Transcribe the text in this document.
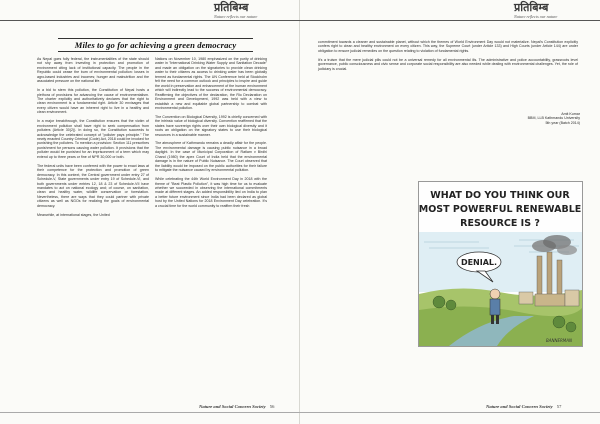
प्रतिबिम्ब
Nature reflects our nature
Miles to go for achieving a green democracy

As Nepal goes fully federal, the instrumentalities of the state should not shy away from investing in protection and promotion of environment citing lack of institutional capacity. The people in the Republic could cease the burn of environmental pollution: losses in agro-based industries and incomes; hunger and malnutrition and the associated pressure on the national life.

In a bid to stem this pollution, the Constitution of Nepal hosts a plethora of provisions for advancing the cause of environmentalism. The charter explicitly and authoritatively declares that the right to clean environment is a fundamental right. Article 30 envisages that every citizen would have an inherent right to live in a healthy and clean environment.

In a major breakthrough, the Constitution ensures that the victim of environment pollution shall have right to seek compensation from polluters (Article 30(2)). In doing so, the Constitution succeeds to acknowledge the celebrated concept of "polluter pays principle." The newly enacted Country Criminal (Code) Act, 2018 could be invoked for punishing the polluters. To mention a provision: Section 111 prescribes punishment for persons causing water pollution. It provisions that the polluter would be punished for an imprisonment of a term which may extend up to three years or fine of NPR 30,000 or both.

The federal units have been conferred with the power to enact laws at their competence for the protection and promotion of green democracy. In this context, the Central government under entry 27 of Schedule-V, State governments under entry 19 of Schedule-VI, and both governments under entries 12, 18 & 23 of Schedule-VII have mandates to act on national ecology and; of course, on sanitation, clean and healthy water, wildlife conservation or forestation. Nevertheless, there are ways that they could partner with private citizens as well as NGOs for realizing the goals of environmental democracy.

Meanwhile, at international stages, the United

Nations on November 10, 1980 emphasized on the purity of drinking water in "International Drinking Water Supply and Sanitation Decade" and made an obligation on the signatories to provide clean drinking water to their citizens as access to drinking water has been globally termed as fundamental rights. The UN Conference held at Stockholm felt the need for a common outlook and principles to inspire and guide the world in preservation and enhancement of the human environment which will indirectly lead to the success of environmental democracy. Reaffirming the objectives of the declaration, the Rio Declaration on Environment and Development, 1992 was held with a view to establish a new and equitable global partnership to combat with environmental pollution.

The Convention on Biological Diversity, 1992 is chiefly concerned with the intrinsic value of biological diversity. Convention reaffirmed that the states have sovereign rights over their own biological diversity and it roots an obligation on the signatory states to use their biological resources in a sustainable manner.

The atmosphere of Kathmandu remains a deadly affair for the people. The environmental damage is causing public nuisance in a broad daylight. In the case of Municipal Corporation of Ratlam v Birdhi Chand (1980) the apex Court of India held that the environmental damage is in the nature of Public Nuisance. The Court observed that the liability would be imposed on the public authorities for their failure to mitigate the nuisance caused by environmental pollution.

While celebrating the 44th World Environment Day in 2018 with the theme of "Beat Plastic Pollution", it was high time for us to evaluate whether we succeeded in observing the international commitments made at different stages. An added responsibility lied on India to plan a better future environment since India had been declared as global host by the United Nations for 2018 Environment Day celebration. It's a crucial time for the world community to reaffirm their fresh

Nature and Social Concern Society 56
प्रतिबिम्ब
Nature reflects our nature
Nature and Social Concern Society 57

commitment towards a cleaner and sustainable planet, without which the themes of World Environment Day would not materialize. Nepal's Constitution explicitly confers right to clean and healthy environment on every citizen. This way, the Supreme Court (under Article 133) and High Courts (under Article 144) are under obligation to ensure judicial remedies on the question relating to violation of fundamental rights.

It's a truism that the mere judicial pills could not be a universal remedy for all environmental ills. The administrative and police accountability, grassroots level governance, public consciousness and civic sense and corporate social responsibility are also needed while dealing with environmental challenges. Yet, the role of judiciary is crucial.

Amit Kumar
BBM, LLB Kathmandu University
5th year (Batch 2014)
WHAT DO YOU THINK OUR
MOST POWERFUL RENEWABLE
RESOURCE IS ?
DENIAL.
BANNERMAN
